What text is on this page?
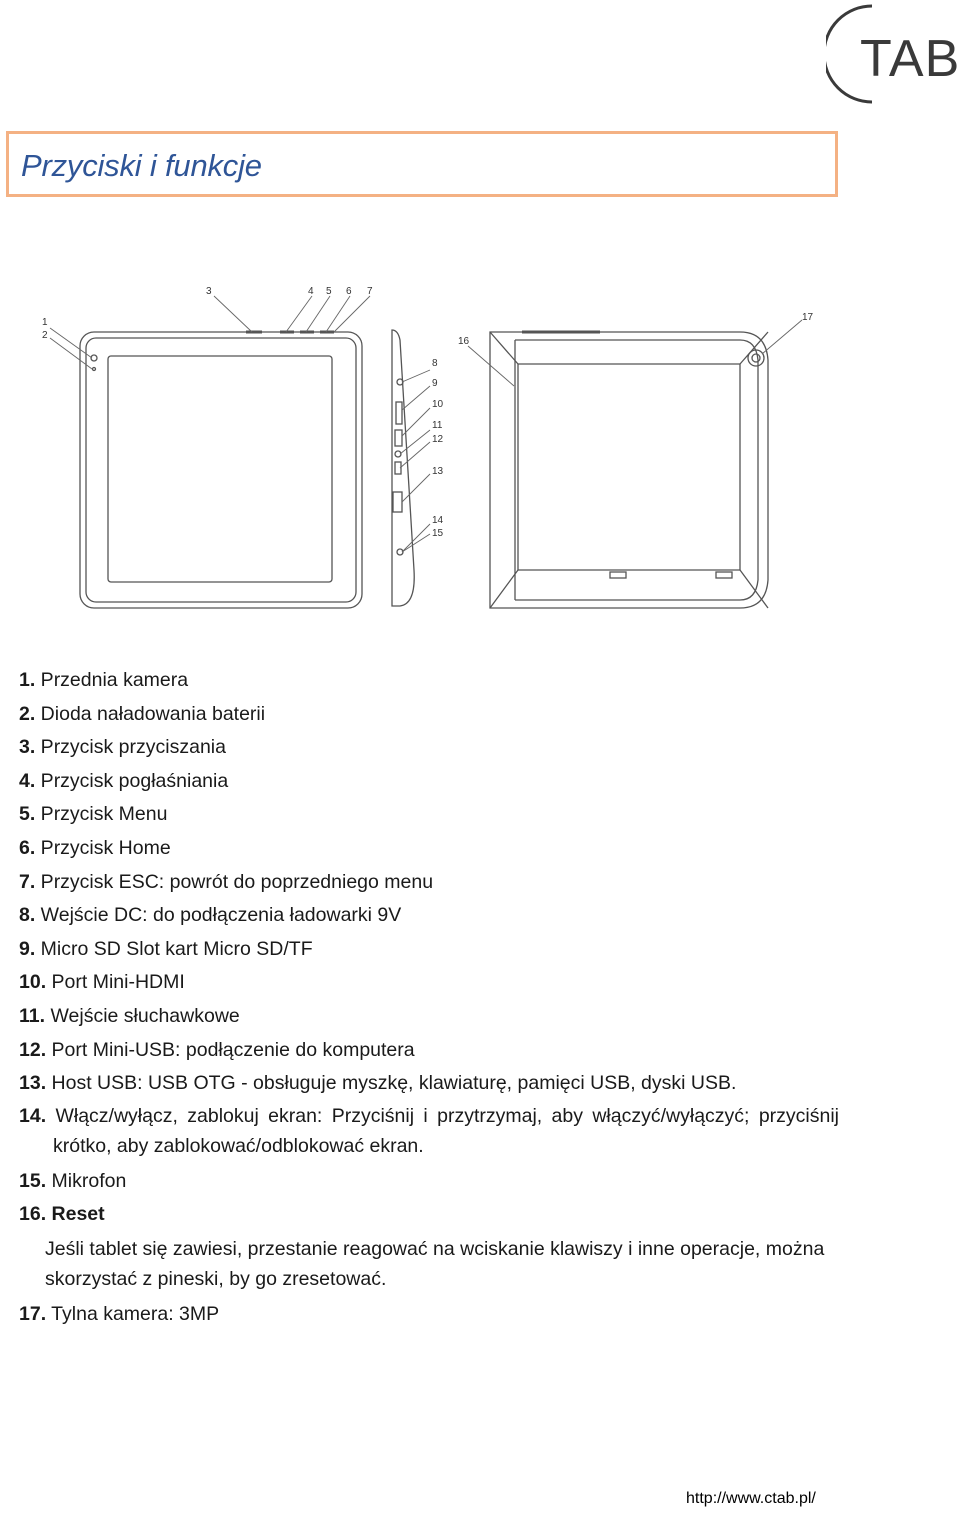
TAB
Przyciski i funkcje
1
2
3	4 5 6 7
8
9
10
11
12
13
14
15
16
17
1. Przednia kamera
2. Dioda naładowania baterii
3. Przycisk przyciszania
4. Przycisk pogłaśniania
5. Przycisk Menu
6. Przycisk Home
7. Przycisk ESC: powrót do poprzedniego menu
8. Wejście DC: do podłączenia ładowarki 9V
9. Micro SD Slot kart Micro SD/TF
10. Port Mini-HDMI
11. Wejście słuchawkowe
12. Port Mini-USB: podłączenie do komputera
13. Host USB: USB OTG - obsługuje myszkę, klawiaturę, pamięci USB, dyski USB.
14. Włącz/wyłącz, zablokuj ekran: Przyciśnij i przytrzymaj, aby włączyć/wyłączyć; przyciśnij krótko, aby zablokować/odblokować ekran.
15. Mikrofon
16. Reset
Jeśli tablet się zawiesi, przestanie reagować na wciskanie klawiszy i inne operacje, można skorzystać z pineski, by go zresetować.
17. Tylna kamera: 3MP
http://www.ctab.pl/
